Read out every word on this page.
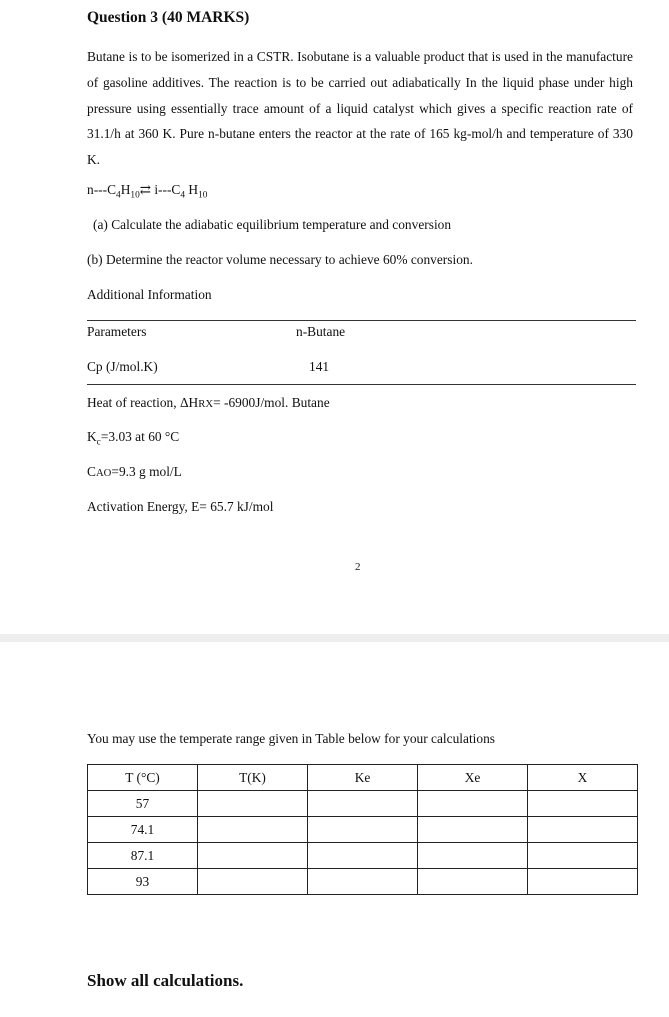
Question 3 (40 MARKS)
Butane is to be isomerized in a CSTR. Isobutane is a valuable product that is used in the manufacture of gasoline additives. The reaction is to be carried out adiabatically In the liquid phase under high pressure using essentially trace amount of a liquid catalyst which gives a specific reaction rate of 31.1/h at 360 K. Pure n-butane enters the reactor at the rate of 165 kg-mol/h and temperature of 330 K.
$n---C_4H_{10}⇄$ $i---C_4$ $H_{10}$
(a) Calculate the adiabatic equilibrium temperature and conversion
(b) Determine the reactor volume necessary to achieve 60% conversion.
Additional Information
Parameters	n-Butane
Cp (J/mol.K)	141
Heat of reaction, ΔHRX= -6900J/mol. Butane
$K_c=3.03$ at 60 °C
CAO=9.3 g mol/L
Activation Energy, E= 65.7 kJ/mol
2
You may use the temperate range given in Table below for your calculations
T (°C)	T(K)	Ke	Xe	X
57				
74.1				
87.1				
93				
Show all calculations.
